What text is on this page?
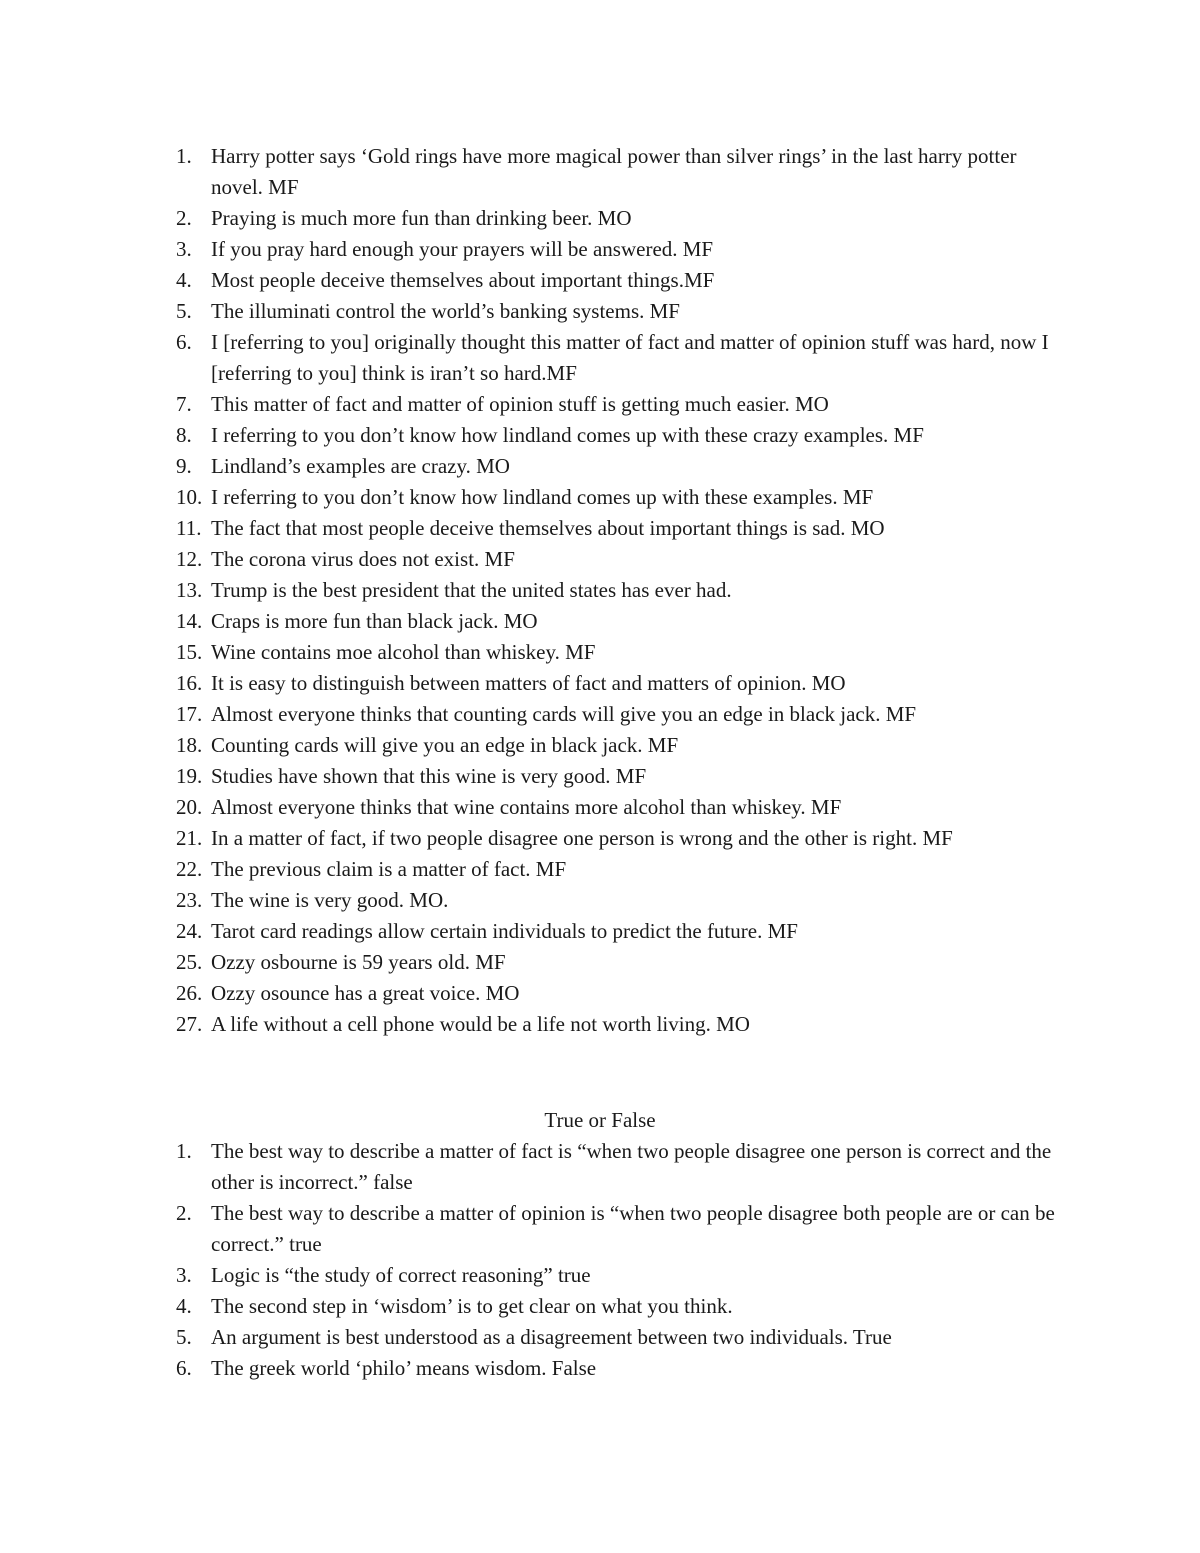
1. Harry potter says ‘Gold rings have more magical power than silver rings’ in the last harry potter novel. MF
2. Praying is much more fun than drinking beer. MO
3. If you pray hard enough your prayers will be answered. MF
4. Most people deceive themselves about important things.MF
5. The illuminati control the world’s banking systems. MF
6. I [referring to you] originally thought this matter of fact and matter of opinion stuff was hard, now I [referring to you] think is iran’t so hard.MF
7. This matter of fact and matter of opinion stuff is getting much easier. MO
8. I referring to you don’t know how lindland comes up with these crazy examples. MF
9. Lindland’s examples are crazy. MO
10. I referring to you don’t know how lindland comes up with these examples. MF
11. The fact that most people deceive themselves about important things is sad. MO
12. The corona virus does not exist. MF
13. Trump is the best president that the united states has ever had.
14. Craps is more fun than black jack. MO
15. Wine contains moe alcohol than whiskey. MF
16. It is easy to distinguish between matters of fact and matters of opinion. MO
17. Almost everyone thinks that counting cards will give you an edge in black jack. MF
18. Counting cards will give you an edge in black jack. MF
19. Studies have shown that this wine is very good. MF
20. Almost everyone thinks that wine contains more alcohol than whiskey. MF
21. In a matter of fact, if two people disagree one person is wrong and the other is right. MF
22. The previous claim is a matter of fact. MF
23. The wine is very good. MO.
24. Tarot card readings allow certain individuals to predict the future. MF
25. Ozzy osbourne is 59 years old. MF
26. Ozzy osounce has a great voice. MO
27. A life without a cell phone would be a life not worth living. MO
True or False
1. The best way to describe a matter of fact is “when two people disagree one person is correct and the other is incorrect.” false
2. The best way to describe a matter of opinion is “when two people disagree both people are or can be correct.” true
3. Logic is “the study of correct reasoning” true
4. The second step in ‘wisdom’ is to get clear on what you think.
5. An argument is best understood as a disagreement between two individuals. True
6. The greek world ‘philo’ means wisdom. False
